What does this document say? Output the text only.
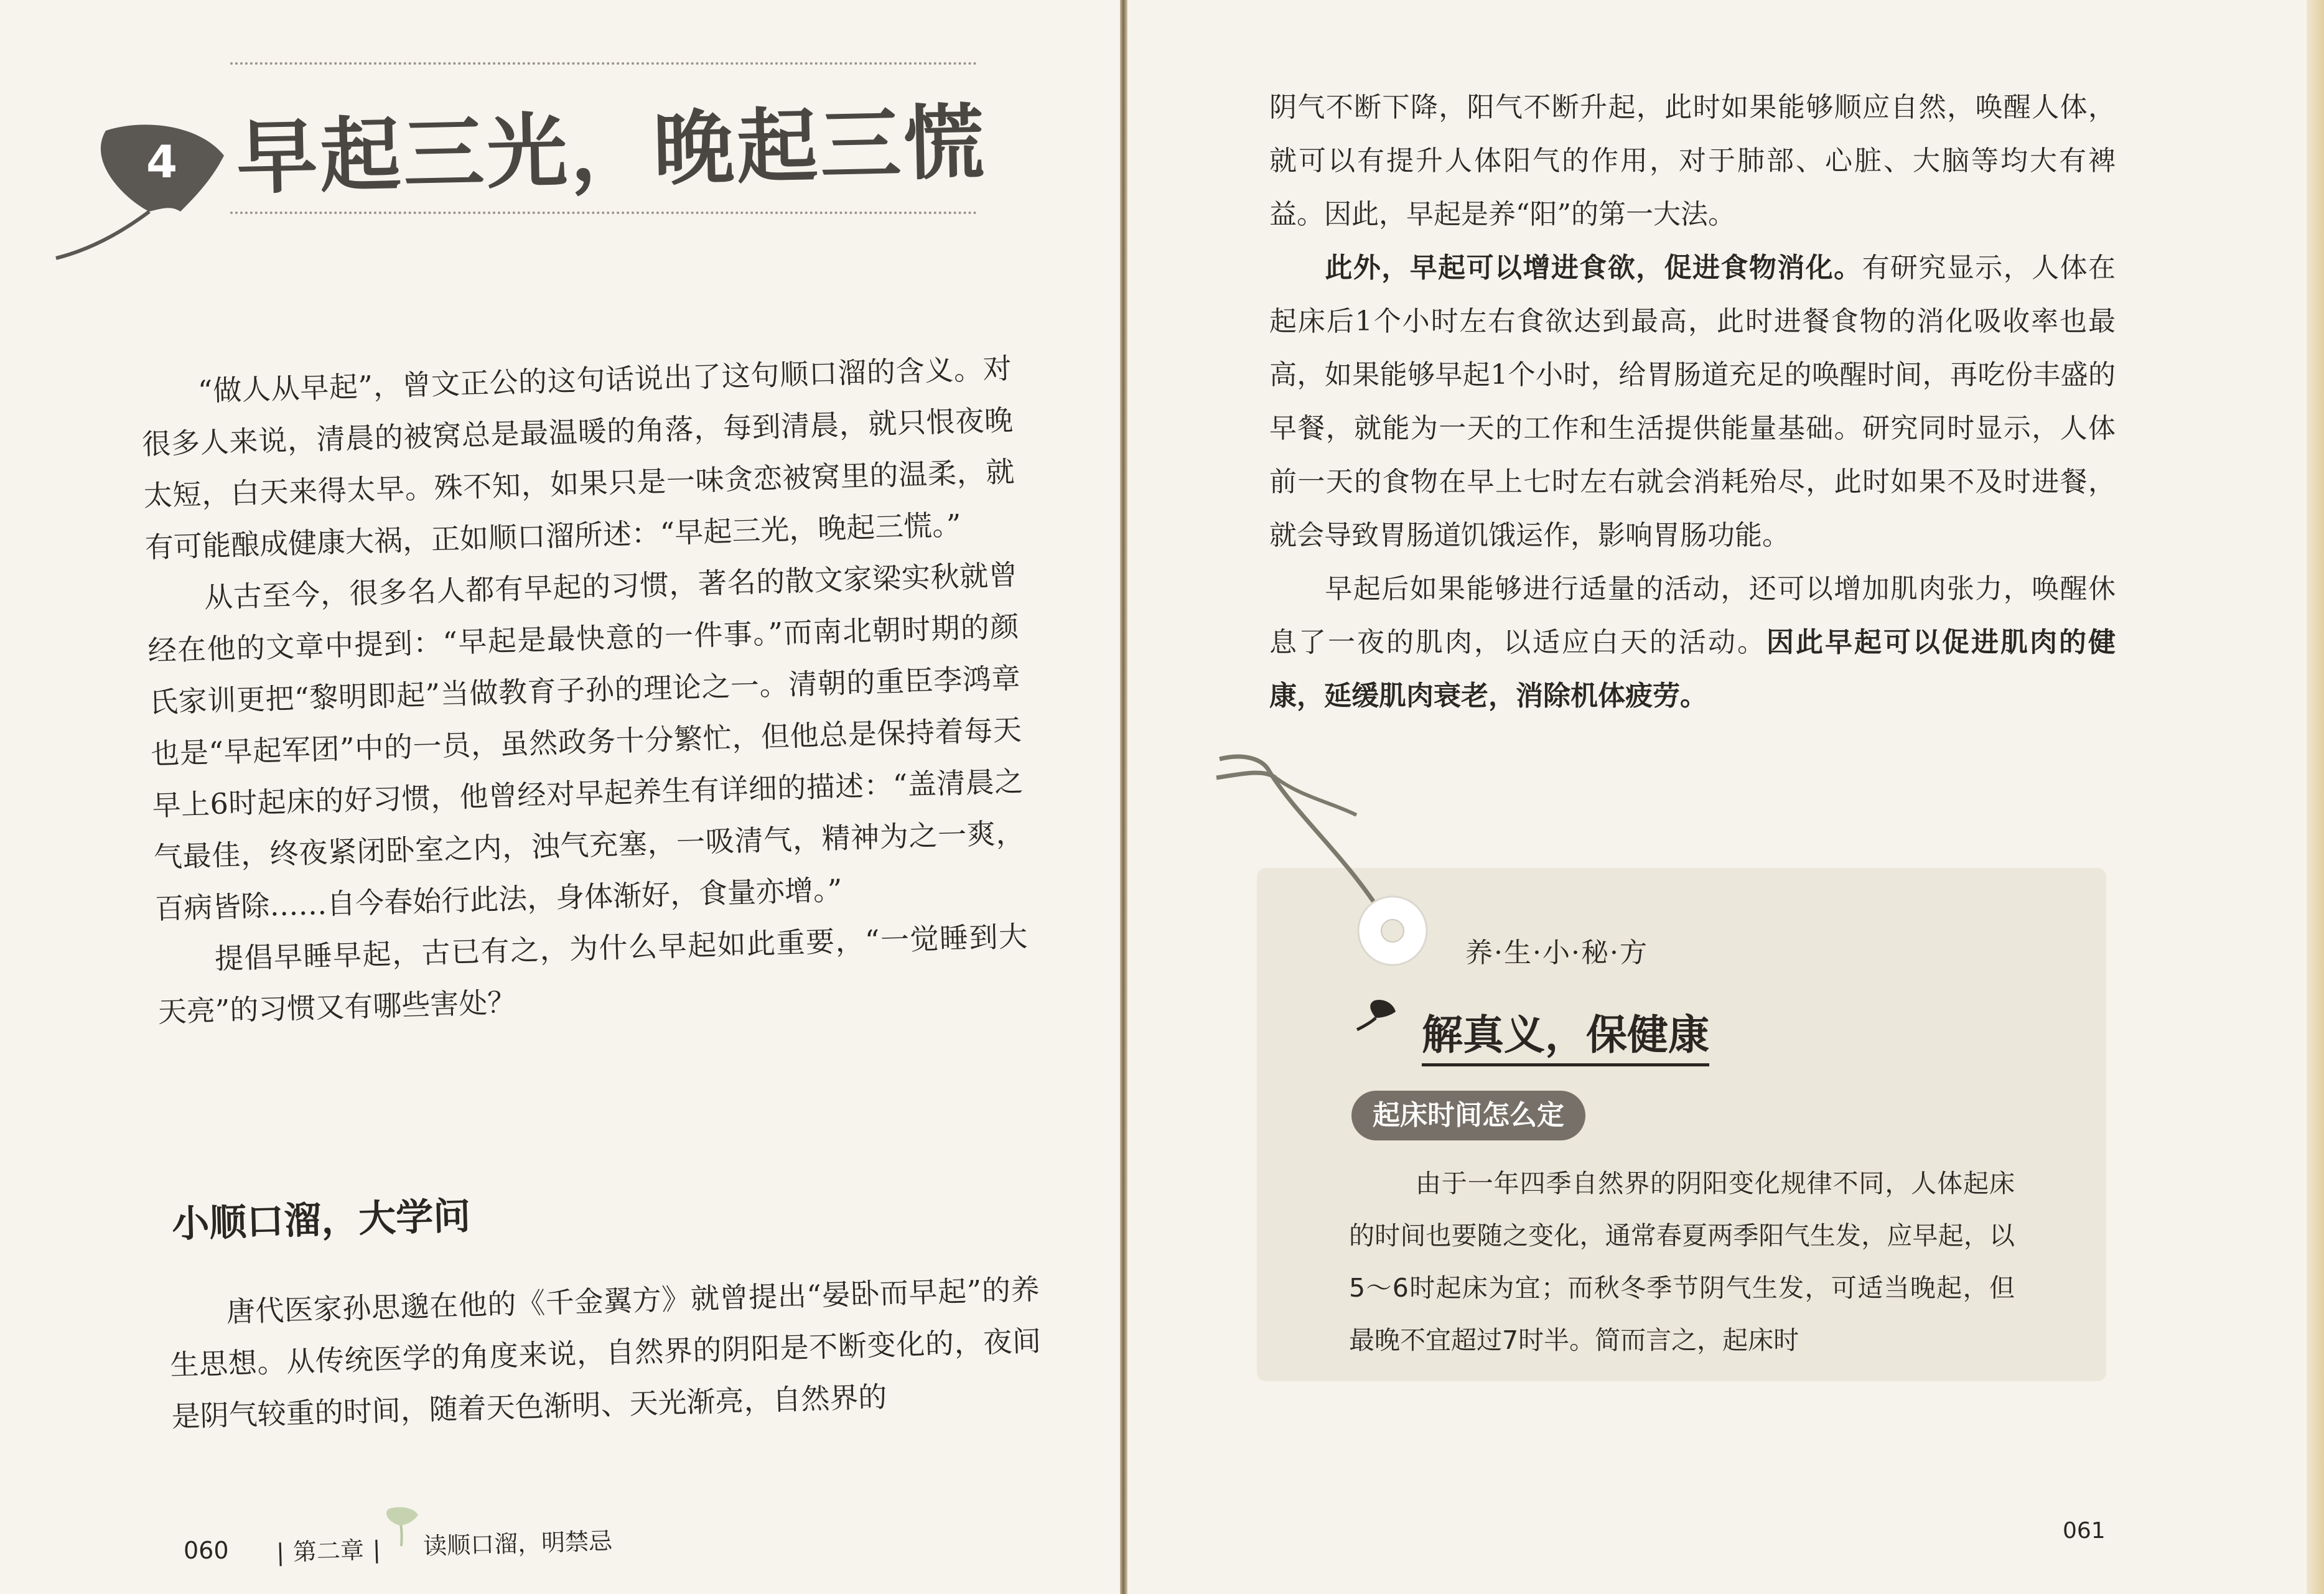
4 早起三光，晚起三慌

“做人从早起”，曾文正公的这句话说出了这句顺口溜的含义。对很多人来说，清晨的被窝总是最温暖的角落，每到清晨，就只恨夜晚太短，白天来得太早。殊不知，如果只是一味贪恋被窝里的温柔，就有可能酿成健康大祸，正如顺口溜所述：“早起三光，晚起三慌。”

从古至今，很多名人都有早起的习惯，著名的散文家梁实秋就曾经在他的文章中提到：“早起是最快意的一件事。”而南北朝时期的颜氏家训更把“黎明即起”当做教育子孙的理论之一。清朝的重臣李鸿章也是“早起军团”中的一员，虽然政务十分繁忙，但他总是保持着每天早上6时起床的好习惯，他曾经对早起养生有详细的描述：“盖清晨之气最佳，终夜紧闭卧室之内，浊气充塞，一吸清气，精神为之一爽，百病皆除……自今春始行此法，身体渐好，食量亦增。”

提倡早睡早起，古已有之，为什么早起如此重要，“一觉睡到大天亮”的习惯又有哪些害处？

小顺口溜，大学问

唐代医家孙思邈在他的《千金翼方》就曾提出“晏卧而早起”的养生思想。从传统医学的角度来说，自然界的阴阳是不断变化的，夜间是阴气较重的时间，随着天色渐明、天光渐亮，自然界的

060	| 第二章 |	读顺口溜，明禁忌

阴气不断下降，阳气不断升起，此时如果能够顺应自然，唤醒人体，就可以有提升人体阳气的作用，对于肺部、心脏、大脑等均大有裨益。因此，早起是养“阳”的第一大法。

此外，早起可以增进食欲，促进食物消化。有研究显示，人体在起床后1个小时左右食欲达到最高，此时进餐食物的消化吸收率也最高，如果能够早起1个小时，给胃肠道充足的唤醒时间，再吃份丰盛的早餐，就能为一天的工作和生活提供能量基础。研究同时显示，人体前一天的食物在早上七时左右就会消耗殆尽，此时如果不及时进餐，就会导致胃肠道饥饿运作，影响胃肠功能。

早起后如果能够进行适量的活动，还可以增加肌肉张力，唤醒休息了一夜的肌肉，以适应白天的活动。因此早起可以促进肌肉的健康，延缓肌肉衰老，消除机体疲劳。

养·生·小·秘·方
解真义，保健康
起床时间怎么定

由于一年四季自然界的阴阳变化规律不同，人体起床的时间也要随之变化，通常春夏两季阳气生发，应早起，以5～6时起床为宜；而秋冬季节阴气生发，可适当晚起，但最晚不宜超过7时半。简而言之，起床时

061
